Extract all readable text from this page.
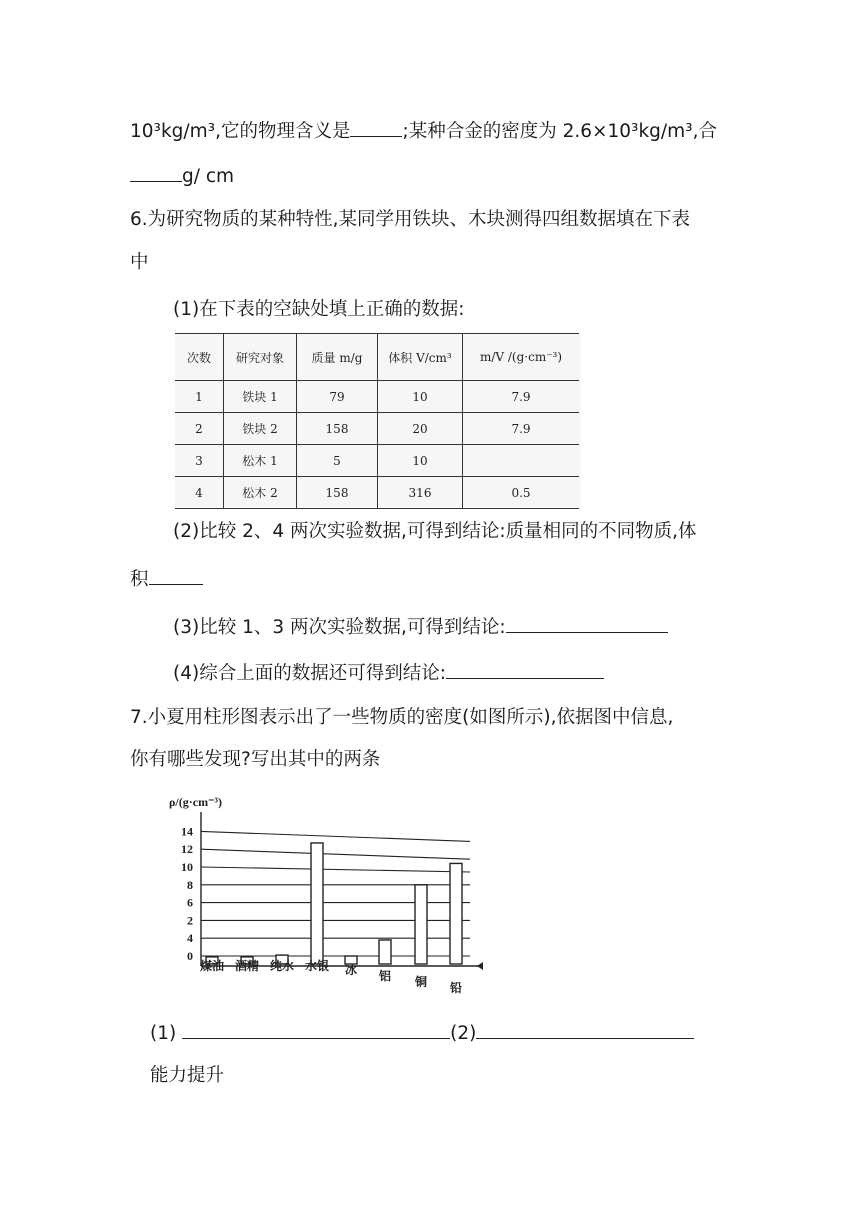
10³kg/m³,它的物理含义是	;某种合金的密度为 2.6×10³kg/m³,合
g/ cm
6.为研究物质的某种特性,某同学用铁块、木块测得四组数据填在下表
中
(1)在下表的空缺处填上正确的数据:
次数	研究对象	质量 m/g	体积 V/cm³	m/V /(g·cm⁻³)
1	铁块 1	79	10	7.9
2	铁块 2	158	20	7.9
3	松木 1	5	10	
4	松木 2	158	316	0.5
(2)比较 2、4 两次实验数据,可得到结论:质量相同的不同物质,体
积
(3)比较 1、3 两次实验数据,可得到结论:
(4)综合上面的数据还可得到结论:
7.小夏用柱形图表示出了一些物质的密度(如图所示),依据图中信息,
你有哪些发现?写出其中的两条
ρ/(g·cm⁻³)
14
12
10
8
6
2
4
0
煤油 酒精 纯水 水银 冰 铝 铜 铅
(1)	(2)
能力提升
